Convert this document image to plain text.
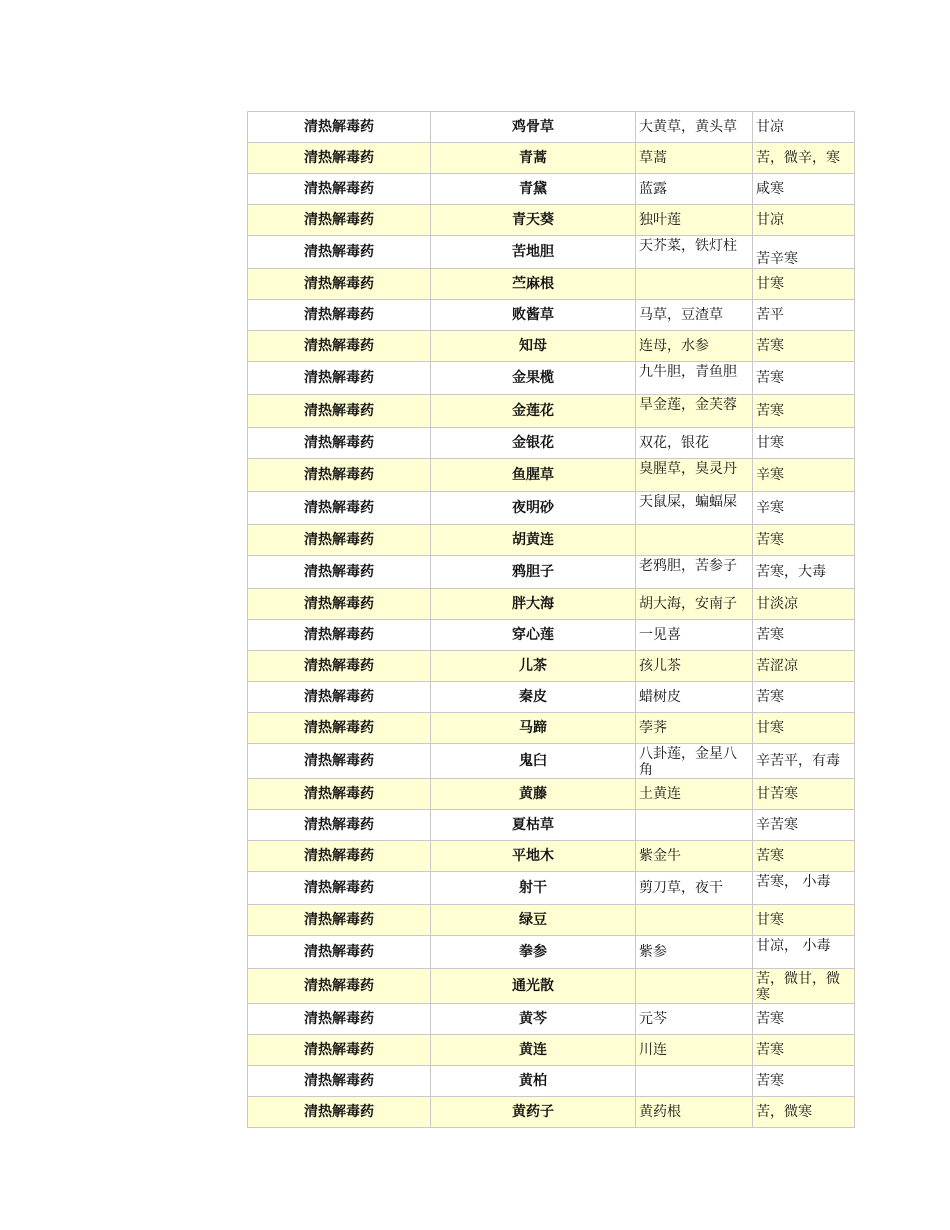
清热解毒药	鸡骨草	大黄草，黄头草	甘凉
清热解毒药	青蒿	草蒿	苦，微辛，寒
清热解毒药	青黛	蓝露	咸寒
清热解毒药	青天葵	独叶莲	甘凉
清热解毒药	苦地胆	天芥菜，铁灯柱	苦辛寒
清热解毒药	苎麻根		甘寒
清热解毒药	败酱草	马草，豆渣草	苦平
清热解毒药	知母	连母，水参	苦寒
清热解毒药	金果榄	九牛胆，青鱼胆	苦寒
清热解毒药	金莲花	旱金莲，金芙蓉	苦寒
清热解毒药	金银花	双花，银花	甘寒
清热解毒药	鱼腥草	臭腥草，臭灵丹	辛寒
清热解毒药	夜明砂	天鼠屎，蝙蝠屎	辛寒
清热解毒药	胡黄连		苦寒
清热解毒药	鸦胆子	老鸦胆，苦参子	苦寒，大毒
清热解毒药	胖大海	胡大海，安南子	甘淡凉
清热解毒药	穿心莲	一见喜	苦寒
清热解毒药	儿茶	孩儿茶	苦涩凉
清热解毒药	秦皮	蜡树皮	苦寒
清热解毒药	马蹄	荸荠	甘寒
清热解毒药	鬼臼	八卦莲，金星八角	辛苦平，有毒
清热解毒药	黄藤	土黄连	甘苦寒
清热解毒药	夏枯草		辛苦寒
清热解毒药	平地木	紫金牛	苦寒
清热解毒药	射干	剪刀草，夜干	苦寒， 小毒
清热解毒药	绿豆		甘寒
清热解毒药	拳参	紫参	甘凉， 小毒
清热解毒药	通光散		苦，微甘，微寒
清热解毒药	黄芩	元芩	苦寒
清热解毒药	黄连	川连	苦寒
清热解毒药	黄柏		苦寒
清热解毒药	黄药子	黄药根	苦，微寒
